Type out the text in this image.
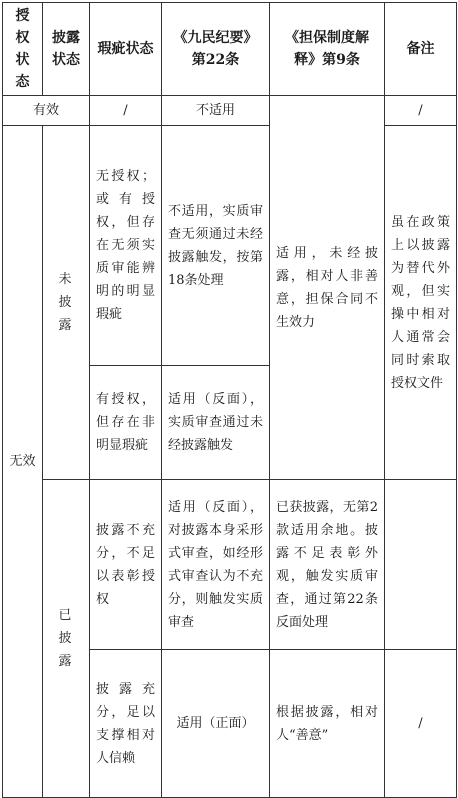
授权状态	披露状态	瑕疵状态	《九民纪要》第22条	《担保制度解释》第9条	备注
有效		/	不适用	适用，未经披露，相对人非善意，担保合同不生效力	/
无效	未
披
露	无授权；或有授权，但存在无须实质审能辨明的明显瑕疵	不适用，实质审查无须通过未经披露触发，按第18条处理		虽在政策上以披露为替代外观，但实操中相对人通常会同时索取授权文件
		有授权，但存在非明显瑕疵	适用（反面），实质审查通过未经披露触发		

	已
披
露	披露不充分，不足以表彰授权	适用（反面），对披露本身采形式审查，如经形式审查认为不充分，则触发实质审查	已获披露，无第2款适用余地。披露不足表彰外观，触发实质审查，通过第22条反面处理	
		披露充分，足以支撑相对人信赖	适用（正面）	根据披露，相对人“善意”	/
